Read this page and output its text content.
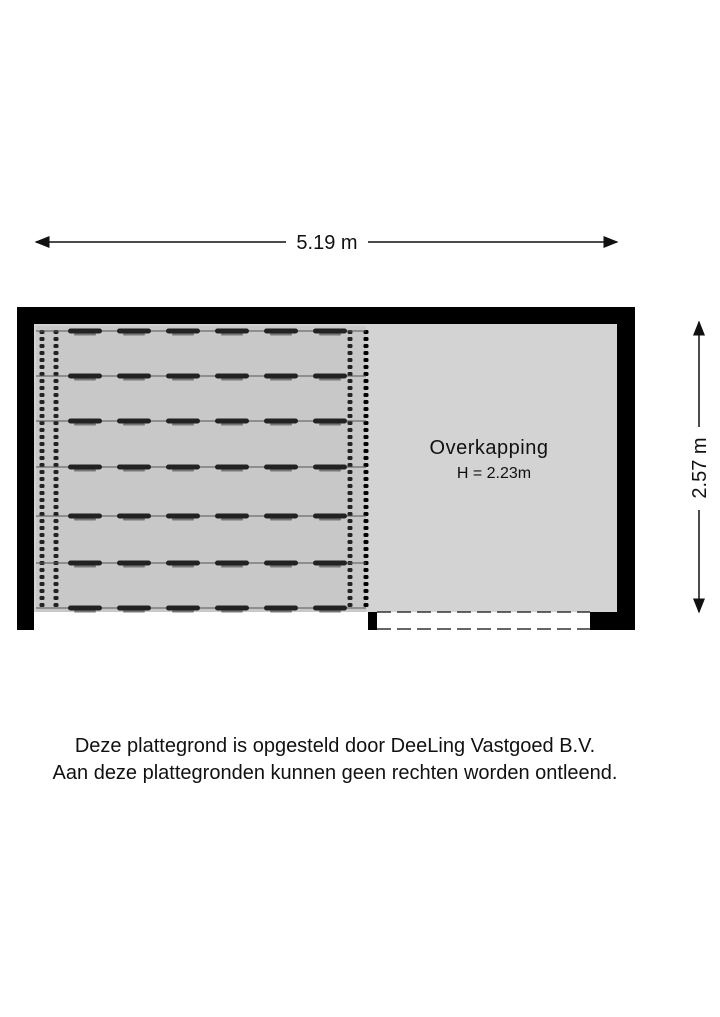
5.19 m
2.57 m
Overkapping
H = 2.23m
Deze plattegrond is opgesteld door DeeLing Vastgoed B.V.
Aan deze plattegronden kunnen geen rechten worden ontleend.
